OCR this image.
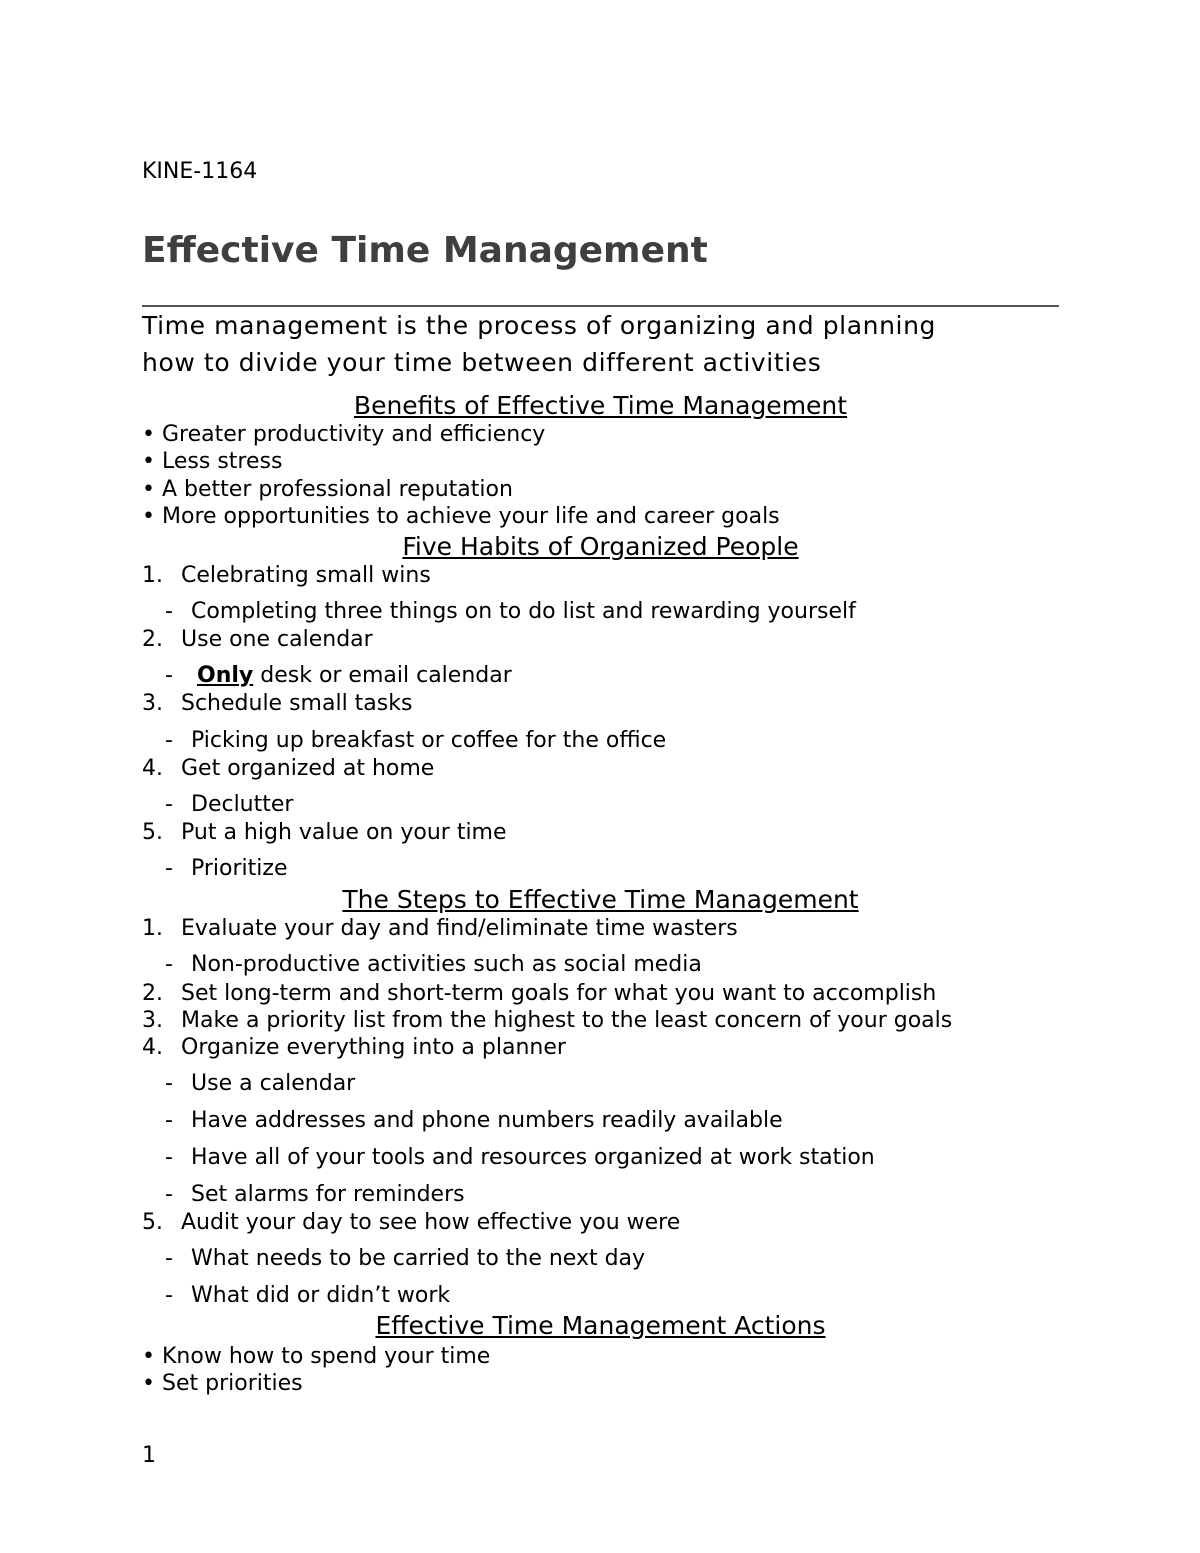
KINE-1164
Effective Time Management
Time management is the process of organizing and planning
how to divide your time between different activities
Benefits of Effective Time Management
• Greater productivity and efficiency
• Less stress
• A better professional reputation
• More opportunities to achieve your life and career goals
Five Habits of Organized People
1. Celebrating small wins
- Completing three things on to do list and rewarding yourself
2. Use one calendar
- Only desk or email calendar
3. Schedule small tasks
- Picking up breakfast or coffee for the office
4. Get organized at home
- Declutter
5. Put a high value on your time
- Prioritize
The Steps to Effective Time Management
1. Evaluate your day and find/eliminate time wasters
- Non-productive activities such as social media
2. Set long-term and short-term goals for what you want to accomplish
3. Make a priority list from the highest to the least concern of your goals
4. Organize everything into a planner
- Use a calendar
- Have addresses and phone numbers readily available
- Have all of your tools and resources organized at work station
- Set alarms for reminders
5. Audit your day to see how effective you were
- What needs to be carried to the next day
- What did or didn’t work
Effective Time Management Actions
• Know how to spend your time
• Set priorities
1
